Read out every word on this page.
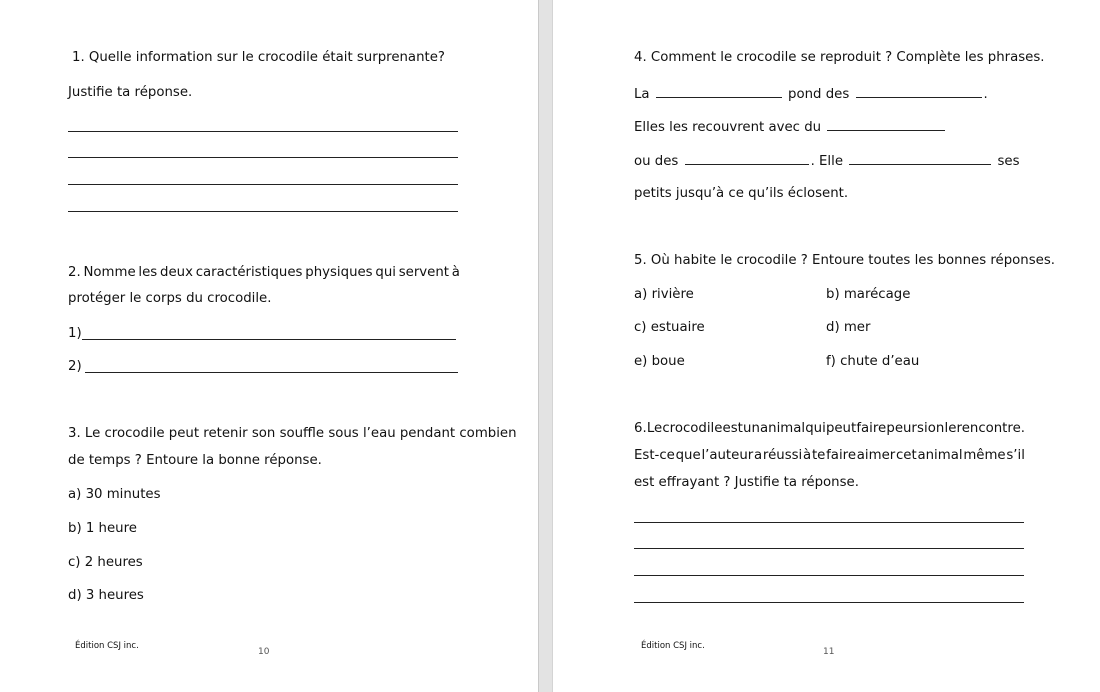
1. Quelle information sur le crocodile était surprenante?
Justifie ta réponse.
2. Nomme les deux caractéristiques physiques qui servent à
protéger le corps du crocodile.
1)
2)
3. Le crocodile peut retenir son souffle sous l’eau pendant combien
de temps ? Entoure la bonne réponse.
a) 30 minutes
b) 1 heure
c) 2 heures
d) 3 heures
Édition CSJ inc.
10
4. Comment le crocodile se reproduit ? Complète les phrases.
La	pond des	.
Elles les recouvrent avec du
ou des	. Elle	ses
petits jusqu’à ce qu’ils éclosent.
5. Où habite le crocodile ? Entoure toutes les bonnes réponses.
a) rivière	b) marécage
c) estuaire	d) mer
e) boue	f) chute d’eau
6. Le crocodile est un animal qui peut faire peur si on le rencontre.
Est-ce que l’auteur a réussi à te faire aimer cet animal même s’il
est effrayant ? Justifie ta réponse.
Édition CSJ inc.
11
